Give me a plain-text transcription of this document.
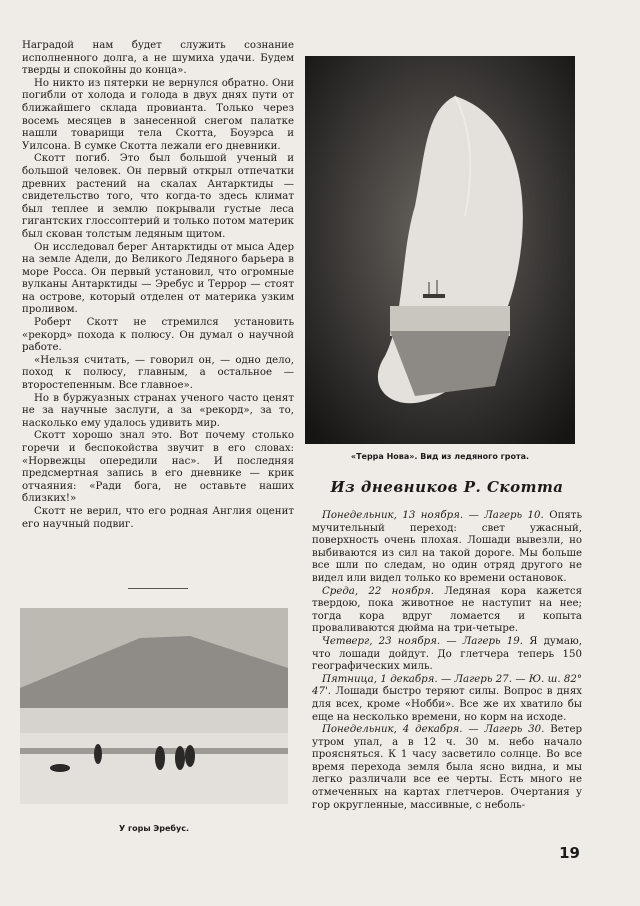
Наградой нам будет служить сознание исполненного долга, а не шумиха удачи. Будем тверды и спокойны до конца».

Но никто из пятерки не вернулся обратно. Они погибли от холода и голода в двух днях пути от ближайшего склада провианта. Только через восемь месяцев в занесенной снегом палатке нашли товарищи тела Скотта, Боуэрса и Уилсона. В сумке Скотта лежали его дневники.

Скотт погиб. Это был большой ученый и большой человек. Он первый открыл отпечатки древних растений на скалах Антарктиды — свидетельство того, что когда-то здесь климат был теплее и землю покрывали густые леса гигантских глоссоптерий и только потом материк был скован толстым ледяным щитом.

Он исследовал берег Антарктиды от мыса Адер на земле Адели, до Великого Ледяного барьера в море Росса. Он первый установил, что огромные вулканы Антарктиды — Эребус и Террор — стоят на острове, который отделен от материка узким проливом.

Роберт Скотт не стремился установить «рекорд» похода к полюсу. Он думал о научной работе.

«Нельзя считать, — говорил он, — одно дело, поход к полюсу, главным, а остальное — второстепенным. Все главное».

Но в буржуазных странах ученого часто ценят не за научные заслуги, а за «рекорд», за то, насколько ему удалось удивить мир.

Скотт хорошо знал это. Вот почему столько горечи и беспокойства звучит в его словах: «Норвежцы опередили нас». И последняя предсмертная запись в его дневнике — крик отчаяния: «Ради бога, не оставьте наших близких!»

Скотт не верил, что его родная Англия оценит его научный подвиг.

«Терра Нова». Вид из ледяного грота.
У горы Эребус.
Из дневников Р. Скотта

Понедельник, 13 ноября. — Лагерь 10. Опять мучительный переход: свет ужасный, поверхность очень плохая. Лошади вывезли, но выбиваются из сил на такой дороге. Мы больше все шли по следам, но один отряд другого не видел или видел только ко времени остановок.

Среда, 22 ноября. Ледяная кора кажется твердою, пока животное не наступит на нее; тогда кора вдруг ломается и копыта проваливаются дюйма на три-четыре.

Четверг, 23 ноября. — Лагерь 19. Я думаю, что лошади дойдут. До глетчера теперь 150 географических миль.

Пятница, 1 декабря. — Лагерь 27. — Ю. ш. 82° 47'. Лошади быстро теряют силы. Вопрос в днях для всех, кроме «Нобби». Все же их хватило бы еще на несколько времени, но корм на исходе.

Понедельник, 4 декабря. — Лагерь 30. Ветер утром упал, а в 12 ч. 30 м. небо начало проясняться. К 1 часу засветило солнце. Во все время перехода земля была ясно видна, и мы легко различали все ее черты. Есть много не отмеченных на картах глетчеров. Очертания у гор округленные, массивные, с неболь-

19
